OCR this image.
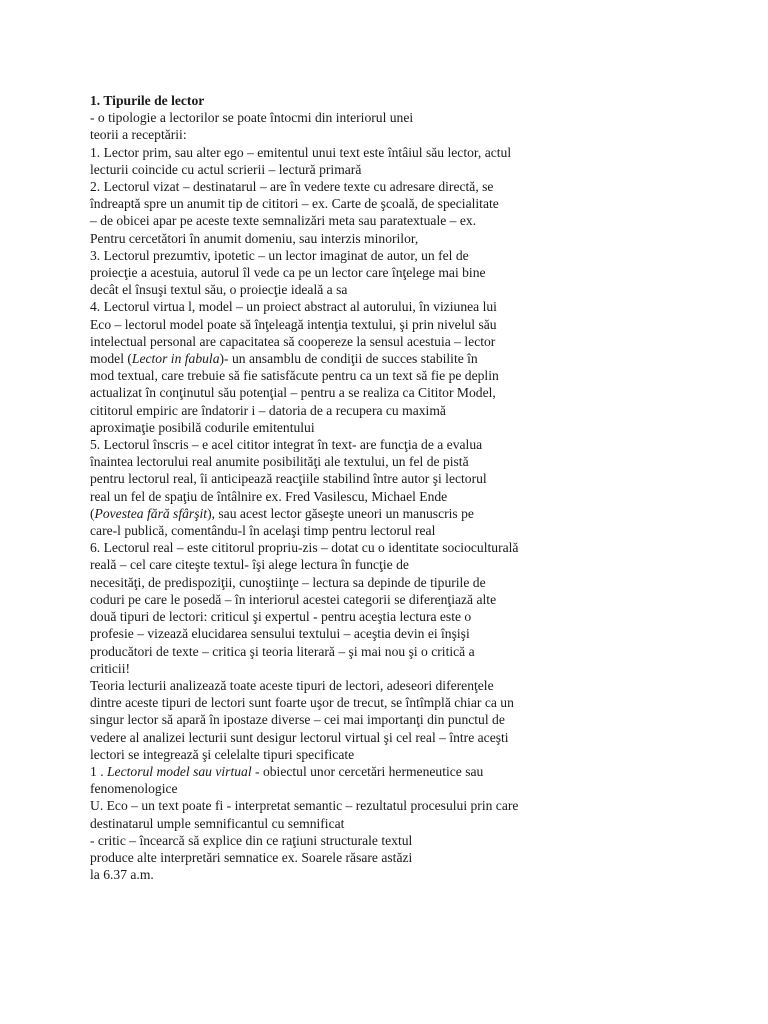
1. Tipurile de lector
- o tipologie a lectorilor se poate întocmi din interiorul unei
teorii a receptării:
1. Lector prim, sau alter ego – emitentul unui text este întâiul său lector, actul
lecturii coincide cu actul scrierii – lectură primară
2. Lectorul vizat – destinatarul – are în vedere texte cu adresare directă, se
îndreaptă spre un anumit tip de cititori – ex. Carte de şcoală, de specialitate
– de obicei apar pe aceste texte semnalizări meta sau paratextuale – ex.
Pentru cercetători în anumit domeniu, sau interzis minorilor,
3. Lectorul prezumtiv, ipotetic – un lector imaginat de autor, un fel de
proiecţie a acestuia, autorul îl vede ca pe un lector care înţelege mai bine
decât el însuşi textul său, o proiecţie ideală a sa
4. Lectorul virtua l, model – un proiect abstract al autorului, în viziunea lui
Eco – lectorul model poate să înţeleagă intenţia textului, şi prin nivelul său
intelectual personal are capacitatea să coopereze la sensul acestuia – lector
model (Lector in fabula)- un ansamblu de condiţii de succes stabilite în
mod textual, care trebuie să fie satisfăcute pentru ca un text să fie pe deplin
actualizat în conţinutul său potenţial – pentru a se realiza ca Cititor Model,
cititorul empiric are îndatorir i – datoria de a recupera cu maximă
aproximaţie posibilă codurile emitentului
5. Lectorul înscris – e acel cititor integrat în text- are funcţia de a evalua
înaintea lectorului real anumite posibilităţi ale textului, un fel de pistă
pentru lectorul real, îi anticipează reacţiile stabilind între autor şi lectorul
real un fel de spaţiu de întâlnire ex. Fred Vasilescu, Michael Ende
(Povestea fără sfârşit), sau acest lector găseşte uneori un manuscris pe
care-l publică, comentându-l în acelaşi timp pentru lectorul real
6. Lectorul real – este cititorul propriu-zis – dotat cu o identitate socioculturală
reală – cel care citeşte textul- îşi alege lectura în funcţie de
necesităţi, de predispoziţii, cunoştiinţe – lectura sa depinde de tipurile de
coduri pe care le posedă – în interiorul acestei categorii se diferenţiază alte
două tipuri de lectori: criticul şi expertul - pentru aceştia lectura este o
profesie – vizează elucidarea sensului textului – aceştia devin ei înşişi
producători de texte – critica şi teoria literară – şi mai nou şi o critică a
criticii!
Teoria lecturii analizează toate aceste tipuri de lectori, adeseori diferenţele
dintre aceste tipuri de lectori sunt foarte uşor de trecut, se întîmplă chiar ca un
singur lector să apară în ipostaze diverse – cei mai importanţi din punctul de
vedere al analizei lecturii sunt desigur lectorul virtual şi cel real – între aceşti
lectori se integrează şi celelalte tipuri specificate
1 . Lectorul model sau virtual - obiectul unor cercetări hermeneutice sau
fenomenologice
U. Eco – un text poate fi - interpretat semantic – rezultatul procesului prin care
destinatarul umple semnificantul cu semnificat
- critic – încearcă să explice din ce raţiuni structurale textul
produce alte interpretări semnatice ex. Soarele răsare astăzi
la 6.37 a.m.
